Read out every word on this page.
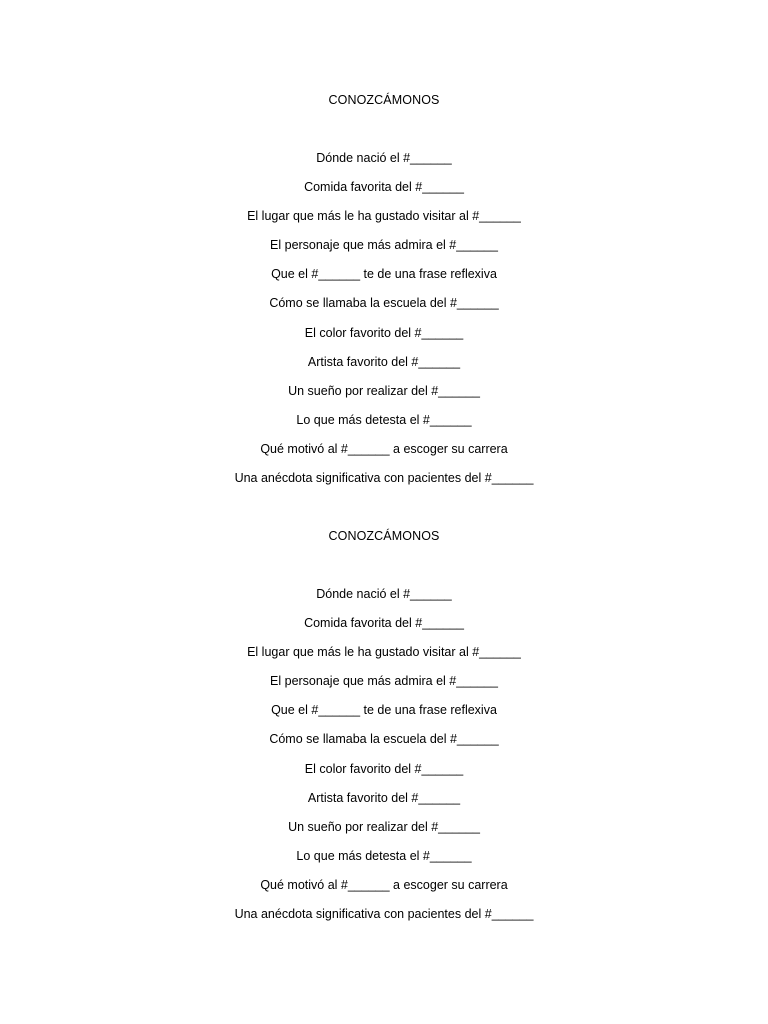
CONOZCÁMONOS
Dónde nació el #______
Comida favorita del #______
El lugar que más le ha gustado visitar al #______
El personaje que más admira el #______
Que el #______ te de una frase reflexiva
Cómo se llamaba la escuela del #______
El color favorito del #______
Artista favorito del #______
Un sueño por realizar del #______
Lo que más detesta el #______
Qué motivó al #______ a escoger su carrera
Una anécdota significativa con pacientes del #______
CONOZCÁMONOS
Dónde nació el #______
Comida favorita del #______
El lugar que más le ha gustado visitar al #______
El personaje que más admira el #______
Que el #______ te de una frase reflexiva
Cómo se llamaba la escuela del #______
El color favorito del #______
Artista favorito del #______
Un sueño por realizar del #______
Lo que más detesta el #______
Qué motivó al #______ a escoger su carrera
Una anécdota significativa con pacientes del #______
